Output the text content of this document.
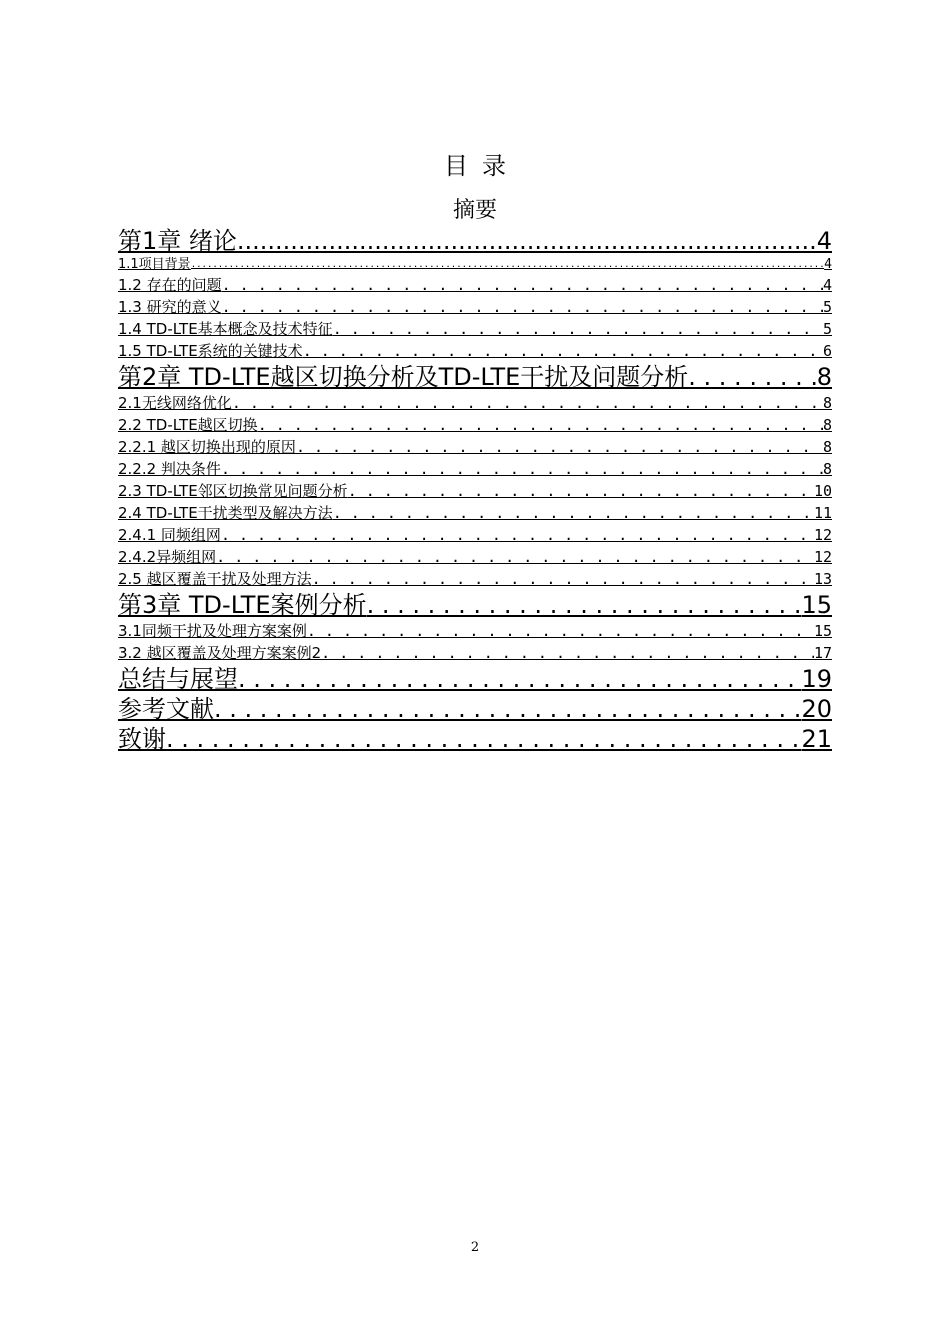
目录
摘要
第1章 绪论 .....	4
1.1项目背景 .....	4
1.2 存在的问题 . . .	4
1.3 研究的意义 . . .	5
1.4 TD-LTE基本概念及技术特征 . . .	5
1.5 TD-LTE系统的关键技术 . . .	6
第2章 TD-LTE越区切换分析及TD-LTE干扰及问题分析 . . .	8
2.1无线网络优化 . . .	8
2.2 TD-LTE越区切换 . . .	8
2.2.1 越区切换出现的原因 . . .	8
2.2.2 判决条件 . . .	8
2.3 TD-LTE邻区切换常见问题分析 . . .	10
2.4 TD-LTE干扰类型及解决方法 . . .	11
2.4.1 同频组网 . . .	12
2.4.2异频组网 . . .	12
2.5 越区覆盖干扰及处理方法 . . .	13
第3章 TD-LTE案例分析 . . .	15
3.1同频干扰及处理方案案例 . . .	15
3.2 越区覆盖及处理方案案例2 . . .	17
总结与展望 . . .	19
参考文献 . . .	20
致谢 . . .	21
2
